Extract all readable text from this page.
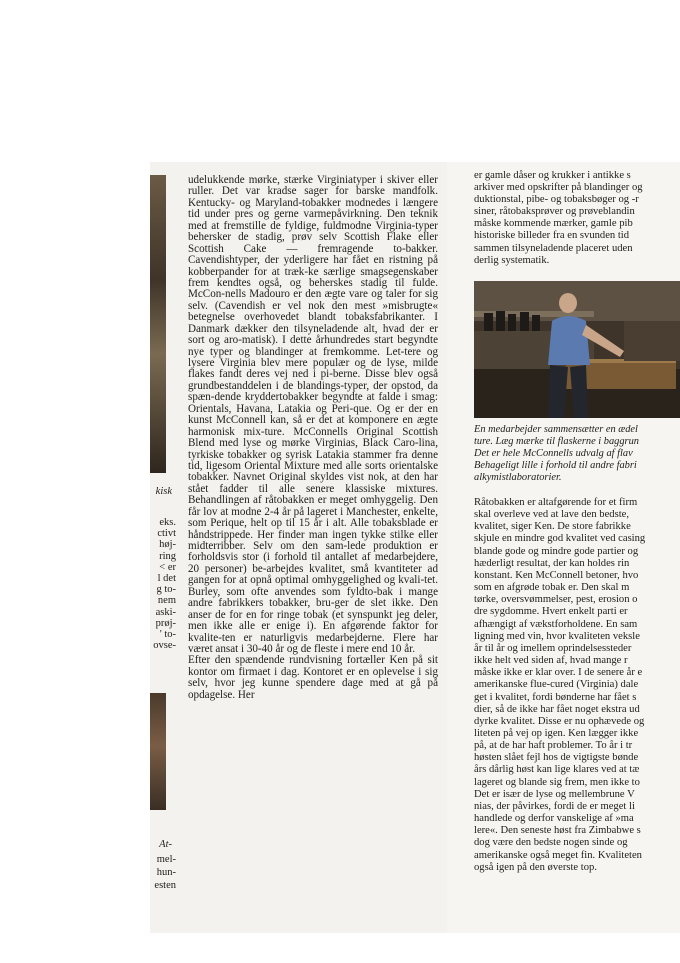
kisk
eks.
ctivt
høj-
ring
< er
l det
g to-
nem
aski-
prøj-
' to-
ovse-
At-
mel-
hun-
esten

udelukkende mørke, stærke Virginiatyper i skiver eller ruller. Det var kradse sager for barske mandfolk. Kentucky- og Maryland-tobakker modnedes i længere tid under pres og gerne varmepåvirkning. Den teknik med at fremstille de fyldige, fuldmodne Virginia-typer behersker de stadig, prøv selv Scottish Flake eller Scottish Cake — fremragende to-bakker. Cavendishtyper, der yderligere har fået en ristning på kobberpander for at træk-ke særlige smagsegenskaber frem kendtes også, og beherskes stadig til fulde. McCon-nells Madouro er den ægte vare og taler for sig selv. (Cavendish er vel nok den mest »misbrugte« betegnelse overhovedet blandt tobaksfabrikanter. I Danmark dækker den tilsyneladende alt, hvad der er sort og aro-matisk). I dette århundredes start begyndte nye typer og blandinger at fremkomme. Let-tere og lysere Virginia blev mere populær og de lyse, milde flakes fandt deres vej ned i pi-berne. Disse blev også grundbestanddelen i de blandings-typer, der opstod, da spæn-dende kryddertobakker begyndte at falde i smag: Orientals, Havana, Latakia og Peri-que. Og er der en kunst McConnell kan, så er det at komponere en ægte harmonisk mix-ture. McConnells Original Scottish Blend med lyse og mørke Virginias, Black Caro-lina, tyrkiske tobakker og syrisk Latakia stammer fra denne tid, ligesom Oriental Mixture med alle sorts orientalske tobakker. Navnet Original skyldes vist nok, at den har stået fadder til alle senere klassiske mixtures. Behandlingen af råtobakken er meget omhyggelig. Den får lov at modne 2-4 år på lageret i Manchester, enkelte, som Perique, helt op til 15 år i alt. Alle tobaksblade er håndstrippede. Her finder man ingen tykke stilke eller midterribber. Selv om den sam-lede produktion er forholdsvis stor (i forhold til antallet af medarbejdere, 20 personer) be-arbejdes kvalitet, små kvantiteter ad gangen for at opnå optimal omhyggelighed og kvali-tet. Burley, som ofte anvendes som fyldto-bak i mange andre fabrikkers tobakker, bru-ger de slet ikke. Den anser de for en for ringe tobak (et synspunkt jeg deler, men ikke alle er enige i). En afgørende faktor for kvalite-ten er naturligvis medarbejderne. Flere har været ansat i 30-40 år og de fleste i mere end 10 år.

Efter den spændende rundvisning fortæller Ken på sit kontor om firmaet i dag. Kontoret er en oplevelse i sig selv, hvor jeg kunne spendere dage med at gå på opdagelse. Her

er gamle dåser og krukker i antikke s
arkiver med opskrifter på blandinger og
duktionstal, pibe- og tobaksbøger og -r
siner, råtobaksprøver og prøveblandin
måske kommende mærker, gamle pib
historiske billeder fra en svunden tid
sammen tilsyneladende placeret uden
derlig systematik.
En medarbejder sammensætter en ædel
ture. Læg mærke til flaskerne i baggrun
Det er hele McConnells udvalg af flav
Behageligt lille i forhold til andre fabri
alkymistlaboratorier.
Råtobakken er altafgørende for et firm
skal overleve ved at lave den bedste,
kvalitet, siger Ken. De store fabrikke
skjule en mindre god kvalitet ved casing
blande gode og mindre gode partier og
hæderligt resultat, der kan holdes rin
konstant. Ken McConnell betoner, hvo
som en afgrøde tobak er. Den skal m
tørke, oversvømmelser, pest, erosion o
dre sygdomme. Hvert enkelt parti er
afhængigt af vækstforholdene. En sam
ligning med vin, hvor kvaliteten veksle
år til år og imellem oprindelsessteder
ikke helt ved siden af, hvad mange r
måske ikke er klar over. I de senere år e
amerikanske flue-cured (Virginia) dale
get i kvalitet, fordi bønderne har fået s
dier, så de ikke har fået noget ekstra ud
dyrke kvalitet. Disse er nu ophævede og
liteten på vej op igen. Ken lægger ikke
på, at de har haft problemer. To år i tr
høsten slået fejl hos de vigtigste bønde
års dårlig høst kan lige klares ved at tæ
lageret og blande sig frem, men ikke to
Det er især de lyse og mellembrune V
nias, der påvirkes, fordi de er meget li
handlede og derfor vanskelige af »ma
lere«. Den seneste høst fra Zimbabwe s
dog være den bedste nogen sinde og
amerikanske også meget fin. Kvaliteten
også igen på den øverste top.
